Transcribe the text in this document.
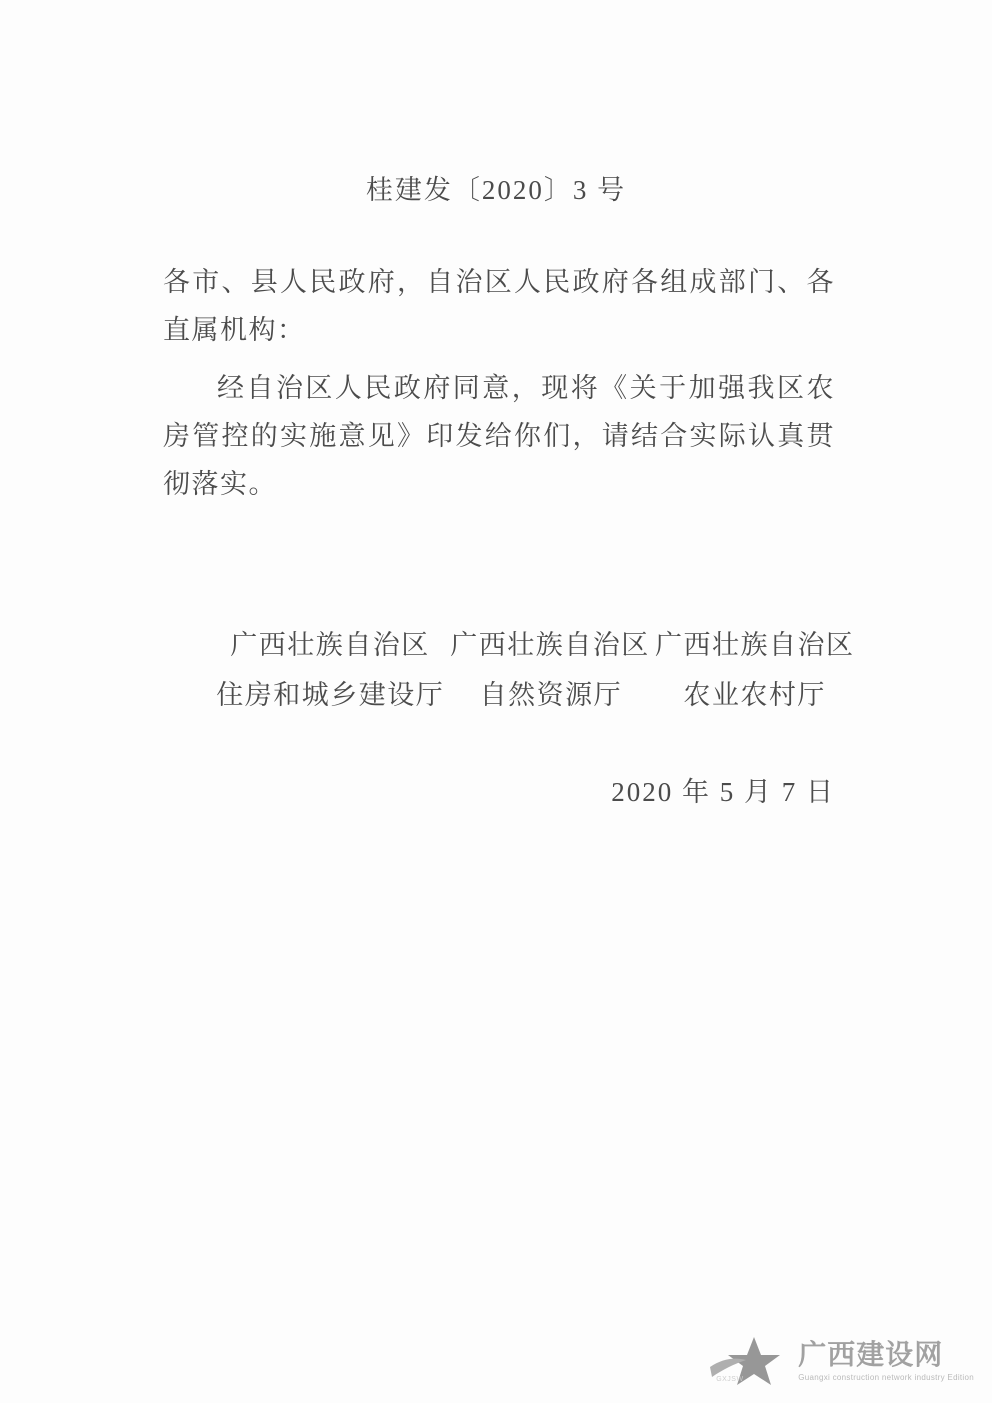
桂建发〔2020〕3 号

各市、县人民政府，自治区人民政府各组成部门、各直属机构：

经自治区人民政府同意，现将《关于加强我区农房管控的实施意见》印发给你们，请结合实际认真贯彻落实。

广西壮族自治区 广西壮族自治区 广西壮族自治区
住房和城乡建设厅	自然资源厅	农业农村厅
2020 年 5 月 7 日
GXJSW
广西建设网
Guangxi construction network industry Edition
